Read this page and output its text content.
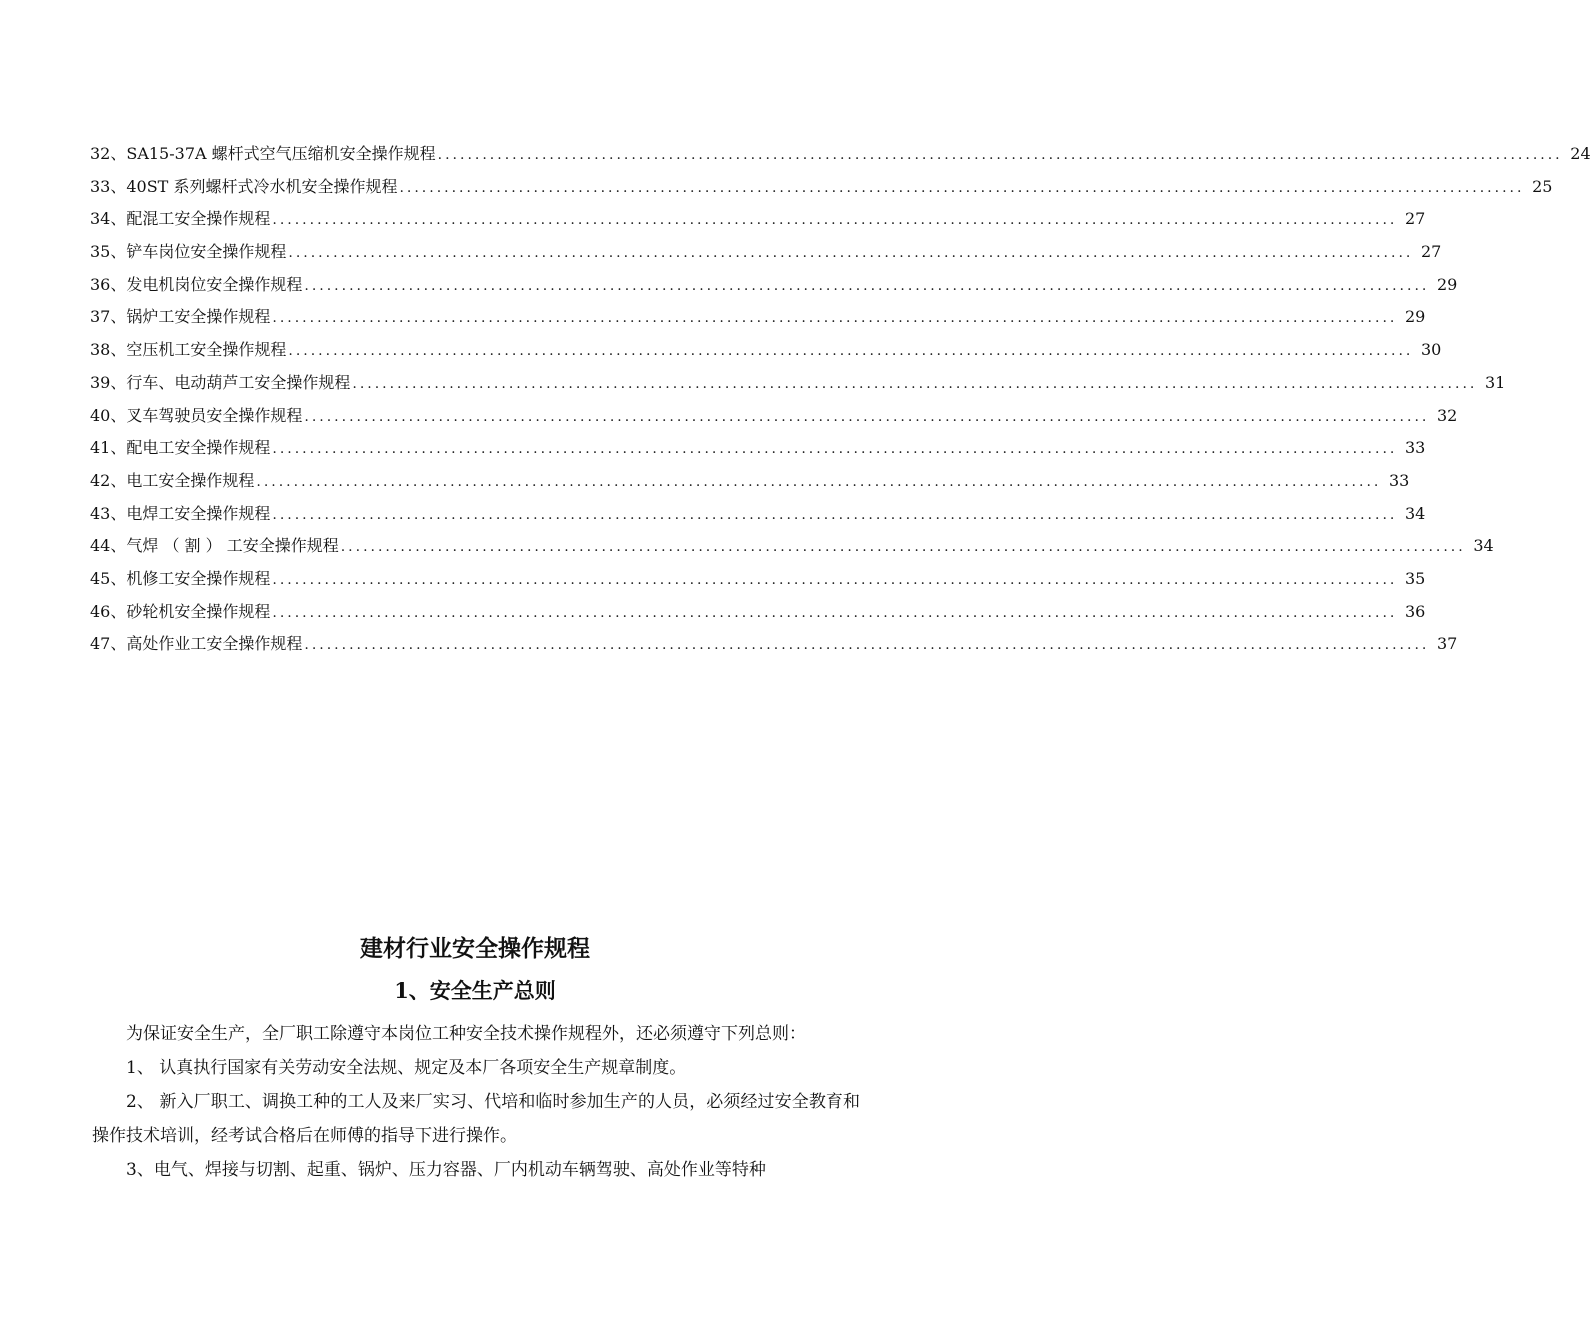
32、SA15-37A 螺杆式空气压缩机安全操作规程 ....................................................................................................................................................... 24
33、40ST 系列螺杆式冷水机安全操作规程 ....................................................................................................................................................... 25
34、配混工安全操作规程 ....................................................................................................................................................... 27
35、铲车岗位安全操作规程 ....................................................................................................................................................... 27
36、发电机岗位安全操作规程 ....................................................................................................................................................... 29
37、锅炉工安全操作规程 ....................................................................................................................................................... 29
38、空压机工安全操作规程 ....................................................................................................................................................... 30
39、行车、电动葫芦工安全操作规程 ....................................................................................................................................................... 31
40、叉车驾驶员安全操作规程 ....................................................................................................................................................... 32
41、配电工安全操作规程 ....................................................................................................................................................... 33
42、电工安全操作规程 ....................................................................................................................................................... 33
43、电焊工安全操作规程 ....................................................................................................................................................... 34
44、气焊 （ 割 ） 工安全操作规程 ....................................................................................................................................................... 34
45、机修工安全操作规程 ....................................................................................................................................................... 35
46、砂轮机安全操作规程 ....................................................................................................................................................... 36
47、高处作业工安全操作规程 ....................................................................................................................................................... 37
建材行业安全操作规程
1、安全生产总则

为保证安全生产，全厂职工除遵守本岗位工种安全技术操作规程外，还必须遵守下列总则：

1、 认真执行国家有关劳动安全法规、规定及本厂各项安全生产规章制度。

2、 新入厂职工、调换工种的工人及来厂实习、代培和临时参加生产的人员，必须经过安全教育和操作技术培训，经考试合格后在师傅的指导下进行操作。

3、电气、焊接与切割、起重、锅炉、压力容器、厂内机动车辆驾驶、高处作业等特种
